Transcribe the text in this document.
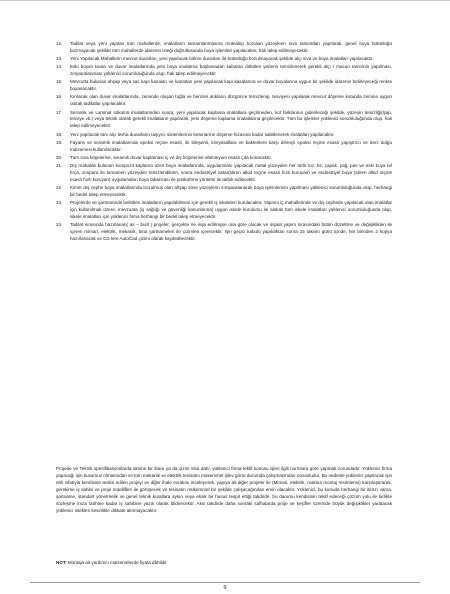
12.	Tadilat veya yeni yapılan tüm mahallerde, imalatların tamamlanmasına müteakip bozulan yüzeylerin sıva tamiratları yapılarak, genel boya bütünlüğü bozmayacak şekilde tüm mahallerde idarenin isteği doğrultusunda boya işlemleri yapılacaktır, hak talep edilmeyecektir.
13.	Yeni Yapılacak Mahallerin mevcut duvarları, yeni yapılacak bölme duvarları ile bütünlüğü bozulmayacak şekilde alçı sıva ve boya imalatları yapılacaktır.
14.	Eski boyalı tavan ve duvar imalatlarında yeni boya imalatına başlamadan kabaran dökülen yerlerin temizlenerek gerekli alçı / macun tamirinin yapılması, zımparalanması yüklenici sorumluluğunda olup, hak talep edilmeyecektir
15.	Mevcutta bulunan ahşap veya sac kapı kasaları ve kanatları yeni yapılacak kapı kasalarına ve duvar boyalarına uygun bir şekilde idarenin belirleyeceği renkte boyanacaktır.
16.	Kırılacak olan duvar imalatlarında, zeminde oluşan tuğla ve benzeri atıkların düzgünce temizlenip, tesviyesi yapılarak mevcut döşeme kotunda zemine uygun olarak tadilatlar yapılacaktır.
17.	Seramik ve Laminat sökümü imalatlarından sonra, yeni yapılacak kaplama imalatlara geçilmeden, kot farklarının giderileceği şekilde, yüzeyin temizliği(Şap, tesviye vb.) veya teknik olarak gerekli imalatların yapılarak, yeni döşeme kaplama imalatlarına geçilecektir. Tüm bu işlemler yüklenici sorumluluğunda olup, hak talep edilmeyecektir
18.	Yeni yapılacak tüm alçı levha duvarların taşıyıcı sistemlerinin betonarme döşeme hizasına kadar sabitlenerek imalatları yapılacaktır.
19.	Fayans ve seramik imalatlarında epoksi reçine esaslı, iki bileşenli, kimyasallara ve bakterilere karşı dirençli epoksi reçine esaslı yapıştırıcı ve derz dolgu malzemesi kullanılacaktır.
20.	Tüm sıva köşelerine, seramik duvar kaplaması iç ve dış köşelerine alüminyum esaslı çıta konacaktır.
21.	Dış mahalde bulunan kompozit kaplama üzeri boya imalatlarında, uygulanması yapılacak metal yüzeyden her türlü toz, kir, çapak, yağ, pas ve eski boya tel fırça, zımpara ile tamamen yüzeyden temizlendikten, sonra endüstriyel astar(stiren alkid reçine esaslı hızlı kuruyan) ve endüstriyel boya (stiren alkid reçine esaslı hızlı kuruyan) uygulamaları boya tabancası ile püskürtme yöntemi ile tatbik edilecektir.
22.	Kimer dış cephe boya imalatlarında bozulmuş olan ahşap söve yüzeylerin zımparalanarak boya işlemlerinin yapılması yüklenici sorumluluğunda olup, herhangi bir bedel talep etmeyecektir.
23.	Projelerde ve şartnamede belirtilen imalatların yapılabilmesi için gerekli iş iskeleleri kurulacaktır. Yapının iç mahallerinde ve dış cephede yapılacak olan imalatlar için kullanılmak üzere, mevzuata (iş sağlığı ve güvenliği kanunlarına) uygun iskele kurulumu ile alakalı tüm iskele imalatları yüklenici sorumluluğunda olup, iskele imalatları için yüklenici firma herhangi bir bedel talep etmeyecektir.
24.	Tadilat sırasında hazırlanan( as – built ) projeler, gerçekte ne inşa edilmişse ona göre olacak ve inşaat yapım sırasındaki bütün düzeltme ve değişiklikleri ile içeren mimari, elektrik, mekanik, bina şartnameleri ile çizimleri içerecektir. İşin geçici kabulü yapıldıktan sonra 15 takvim günü içinde, her birinden 2 kopya hazırlanacak ve CD lere AutoCad çizimi olarak kaydedilecektir.

Projede ve Teknik spesifikasyonlarda aksine bir ibare ya da çizim olsa dahi, yüklenici firma teklif konusu işleri ilgili normlara göre yapmak zorundadır. Yüklenici firma yapacağı işin kusursuz olmasından ve tüm mekanik ve elektrik tesisatın mükemmel işlev görür durumda çalışmasından sorumludur. Bu nedenle yüklenici yapılacak işin ehli sıfatıyla kendisine teslim edilen projeyi ve diğer ihale evrakını inceleyerek, yapıya ait diğer projeler ile (Mimari, elektrik, makina montaj resimlerini) karşılaştırarak, gerekirse iş sahibi ve proje müellifleri ile görüşecek ve tesisatın mükemmel bir şekilde çalışacağından emin olacaktır. Yüklenici, bu konuda herhangi bir itirazı varsa, şartname, standart yönetmelik ve genel teknik kurallara aykırı veya eksik bir husus tespit ettiği takdirde, bu durumu kendisinin teklif edeceği çözüm yolu ile birlikte sözleşme imza tarihine kadar iş sahibine yazılı olarak bildirecektir. Aksi takdirde daha sonraki safhalarda proje ve keşifler üzerinde büyük değişiklikler yaratacak yüklenici istekleri kesinlikle dikkate alınmayacaktır.

NOT: Montaja ait yardımcı malzemelerde fiyata dâhildir.

9
